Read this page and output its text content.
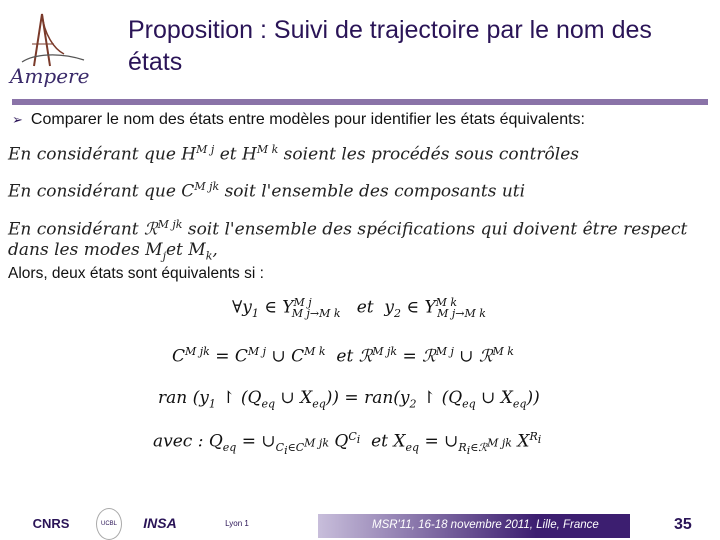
Ampere
Proposition : Suivi de trajectoire par le nom des états
➢ Comparer le nom des états entre modèles pour identifier les états équivalents:
En considérant que $H^{M j}$ et $H^{M k}$ soient les procédés sous contrôles
En considérant que $C^{M jk}$ soit l'ensemble des composants uti
En considérant ℛ$^{M jk}$ soit l'ensemble des spécifications qui doivent être respect
dans les modes $M_jet$ $M_k$,
Alors, deux états sont équivalents si :
$\forall y_1$ ∈ $Y^{M j}_{M j\to M k}$   et  $y_2$ ∈ $Y^{M k}_{M j\to M k}$
$C^{M jk} = C^{M j}$ ∪ $C^{M k}$  et ℛ$^{M jk}$ = ℛ$^{M j}$ ∪ ℛ$^{M k}$
ran ($y_1$ ↾ ($Q_{eq}$ ∪ $X_{eq})) = ran(y_2$ ↾ ($Q_{eq}$ ∪ $X_{eq}$))
avec : $Q_{eq}$ = $\cup_{C_i\in C^{M jk}}$ $Q^{C_i}$  et $X_{eq}$ = $\cup_{R_i\in ℛ^{M jk}}$ $X^{R_i}$
CNRS	UCBL INSA	Lyon 1	MSR'11, 16-18 novembre 2011, Lille, France	35
